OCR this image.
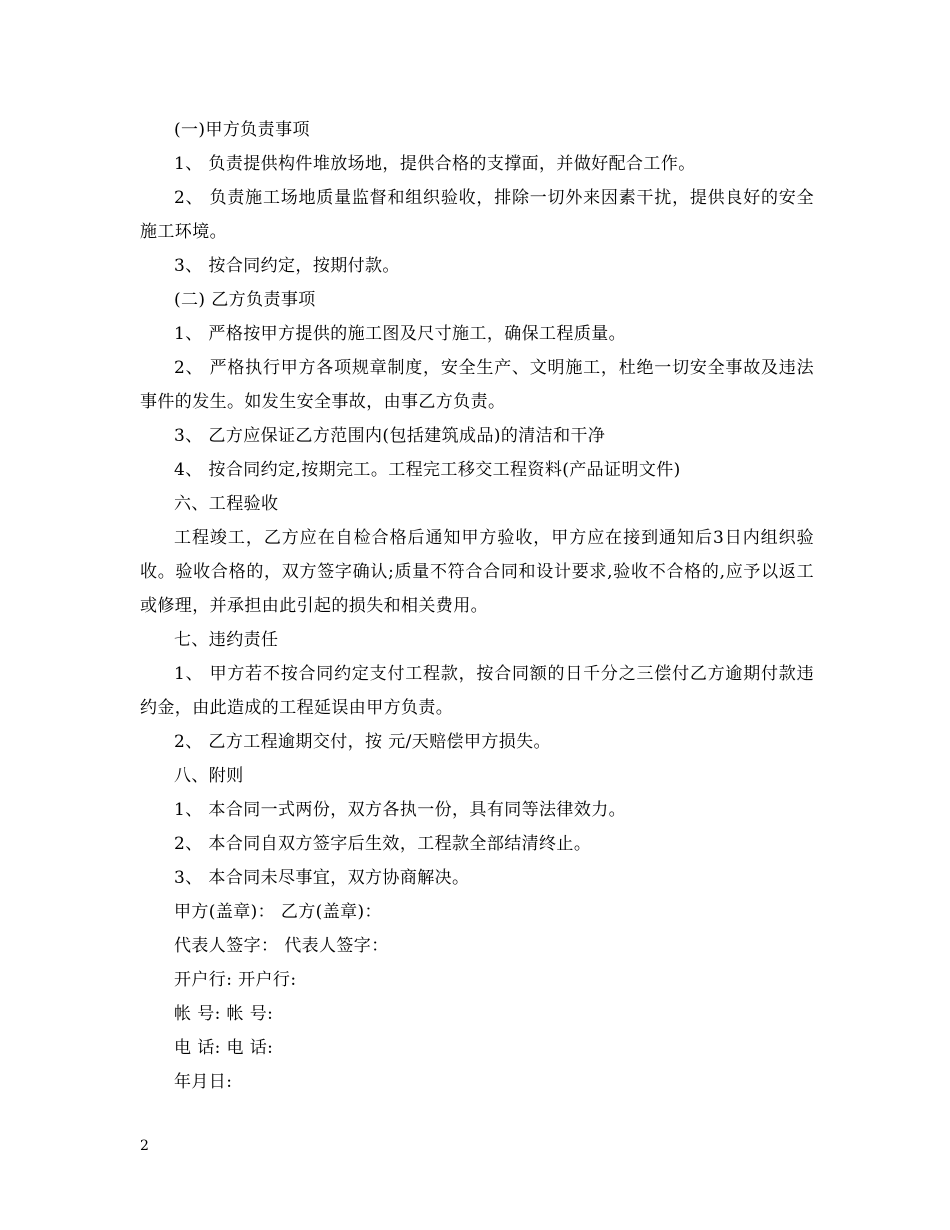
(一)甲方负责事项

1、 负责提供构件堆放场地，提供合格的支撑面，并做好配合工作。

2、 负责施工场地质量监督和组织验收，排除一切外来因素干扰，提供良好的安全施工环境。

3、 按合同约定，按期付款。

(二) 乙方负责事项

1、 严格按甲方提供的施工图及尺寸施工，确保工程质量。

2、 严格执行甲方各项规章制度，安全生产、文明施工，杜绝一切安全事故及违法事件的发生。如发生安全事故，由事乙方负责。

3、 乙方应保证乙方范围内(包括建筑成品)的清洁和干净

4、 按合同约定,按期完工。工程完工移交工程资料(产品证明文件)

六、工程验收

工程竣工，乙方应在自检合格后通知甲方验收，甲方应在接到通知后3日内组织验收。验收合格的，双方签字确认;质量不符合合同和设计要求,验收不合格的,应予以返工或修理，并承担由此引起的损失和相关费用。

七、违约责任

1、 甲方若不按合同约定支付工程款，按合同额的日千分之三偿付乙方逾期付款违约金，由此造成的工程延误由甲方负责。

2、 乙方工程逾期交付，按 元/天赔偿甲方损失。

八、附则

1、 本合同一式两份，双方各执一份，具有同等法律效力。

2、 本合同自双方签字后生效，工程款全部结清终止。

3、 本合同未尽事宜，双方协商解决。

甲方(盖章)： 乙方(盖章)：

代表人签字： 代表人签字：

开户行: 开户行:

帐 号: 帐 号:

电 话: 电 话:

年月日:

2
